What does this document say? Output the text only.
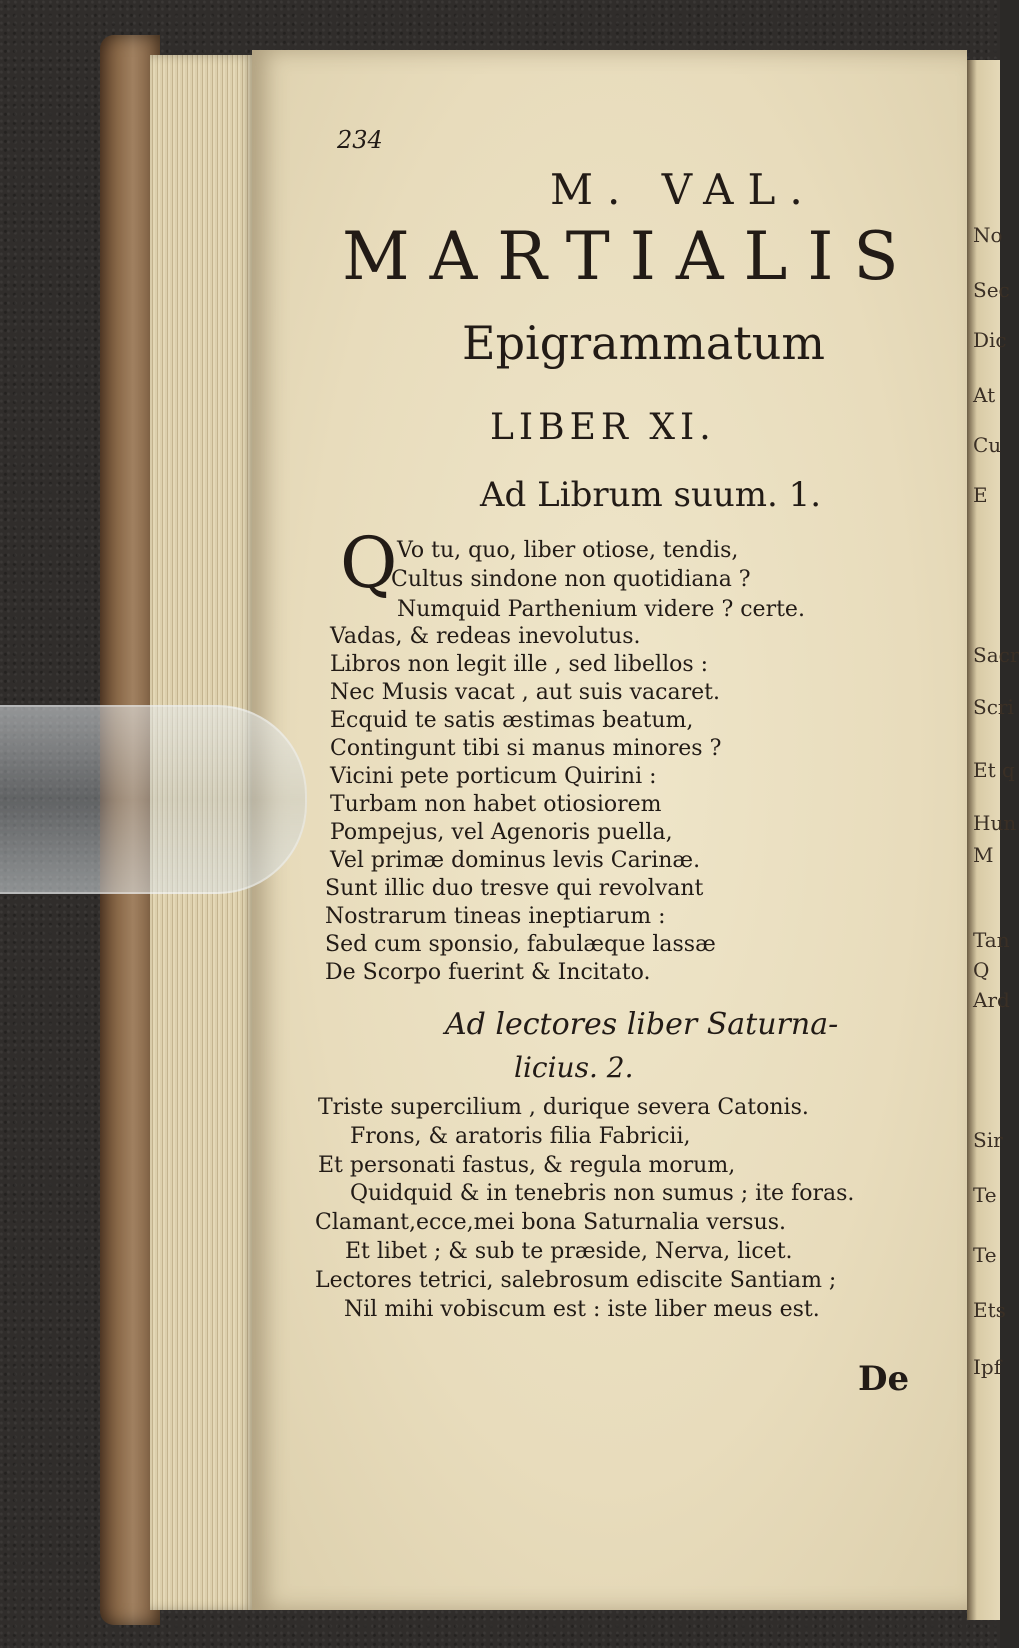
No
Sec
Dic
At
Cu
E
Sacr
Scri
Et q
Hun
M
Tan
Q
Ard
Sir
Te
Te
Ets
Ipf
234
M. VAL.
MARTIALIS
Epigrammatum
LIBER XI.
Ad Librum suum. 1.
Q Vo tu, quo, liber otiose, tendis,
Cultus sindone non quotidiana ?
Numquid Parthenium videre ? certe.
Vadas, & redeas inevolutus.
Libros non legit ille , sed libellos :
Nec Musis vacat , aut suis vacaret.
Ecquid te satis æstimas beatum,
Contingunt tibi si manus minores ?
Vicini pete porticum Quirini :
Turbam non habet otiosiorem
Pompejus, vel Agenoris puella,
Vel primæ dominus levis Carinæ.
Sunt illic duo tresve qui revolvant
Nostrarum tineas ineptiarum :
Sed cum sponsio, fabulæque lassæ
De Scorpo fuerint & Incitato.
Ad lectores liber Saturna-
licius. 2.
Triste supercilium , durique severa Catonis.
Frons, & aratoris filia Fabricii,
Et personati fastus, & regula morum,
Quidquid & in tenebris non sumus ; ite foras.
Clamant,ecce,mei bona Saturnalia versus.
Et libet ; & sub te præside, Nerva, licet.
Lectores tetrici, salebrosum ediscite Santiam ;
Nil mihi vobiscum est : iste liber meus est.
De
